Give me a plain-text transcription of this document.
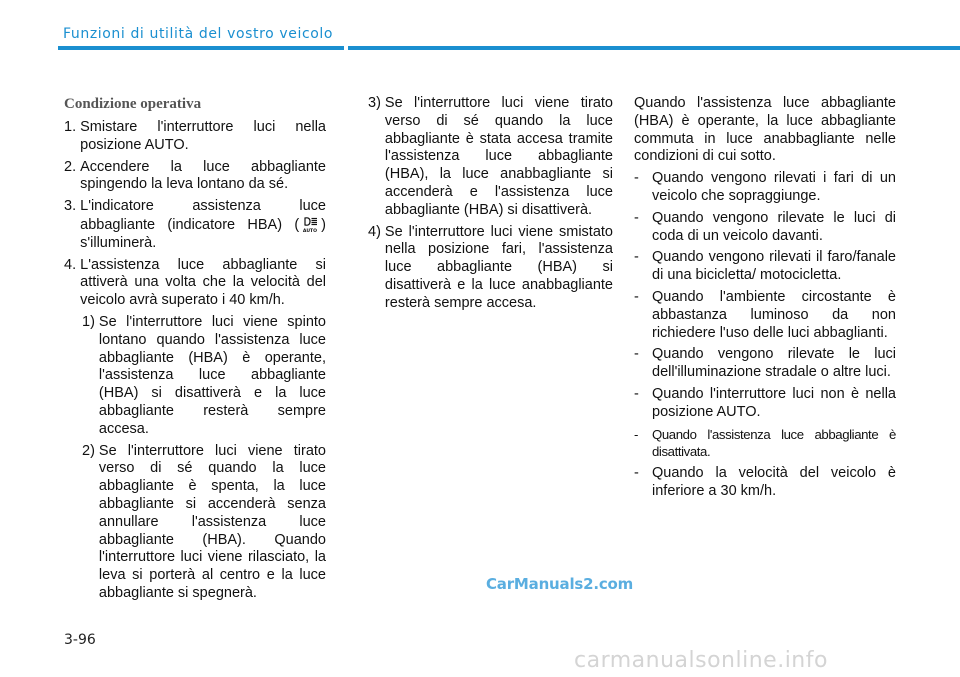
Funzioni di utilità del vostro veicolo
Condizione operativa
1. Smistare l'interruttore luci nella posizione AUTO.
2. Accendere la luce abbagliante spingendo la leva lontano da sé.
3. L'indicatore assistenza luce abbagliante (indicatore HBA) ( AUTO ) s'illuminerà.
4. L'assistenza luce abbagliante si attiverà una volta che la velocità del veicolo avrà superato i 40 km/h.
1) Se l'interruttore luci viene spinto lontano quando l'assistenza luce abbagliante (HBA) è operante, l'assistenza luce abbagliante (HBA) si disattiverà e la luce abbagliante resterà sempre accesa.
2) Se l'interruttore luci viene tirato verso di sé quando la luce abbagliante è spenta, la luce abbagliante si accenderà senza annullare l'assistenza luce abbagliante (HBA). Quando l'interruttore luci viene rilasciato, la leva si porterà al centro e la luce abbagliante si spegnerà.
3) Se l'interruttore luci viene tirato verso di sé quando la luce abbagliante è stata accesa tramite l'assistenza luce abbagliante (HBA), la luce anabbagliante si accenderà e l'assistenza luce abbagliante (HBA) si disattiverà.
4) Se l'interruttore luci viene smistato nella posizione fari, l'assistenza luce abbagliante (HBA) si disattiverà e la luce anabbagliante resterà sempre accesa.
Quando l'assistenza luce abbagliante (HBA) è operante, la luce abbagliante commuta in luce anabbagliante nelle condizioni di cui sotto.
- Quando vengono rilevati i fari di un veicolo che sopraggiunge.
- Quando vengono rilevate le luci di coda di un veicolo davanti.
- Quando vengono rilevati il faro/fanale di una bicicletta/ motocicletta.
- Quando l'ambiente circostante è abbastanza luminoso da non richiedere l'uso delle luci abbaglianti.
- Quando vengono rilevate le luci dell'illuminazione stradale o altre luci.
- Quando l'interruttore luci non è nella posizione AUTO.
- Quando l'assistenza luce abbagliante è disattivata.
- Quando la velocità del veicolo è inferiore a 30 km/h.
CarManuals2.com
3-96
carmanualsonline.info
